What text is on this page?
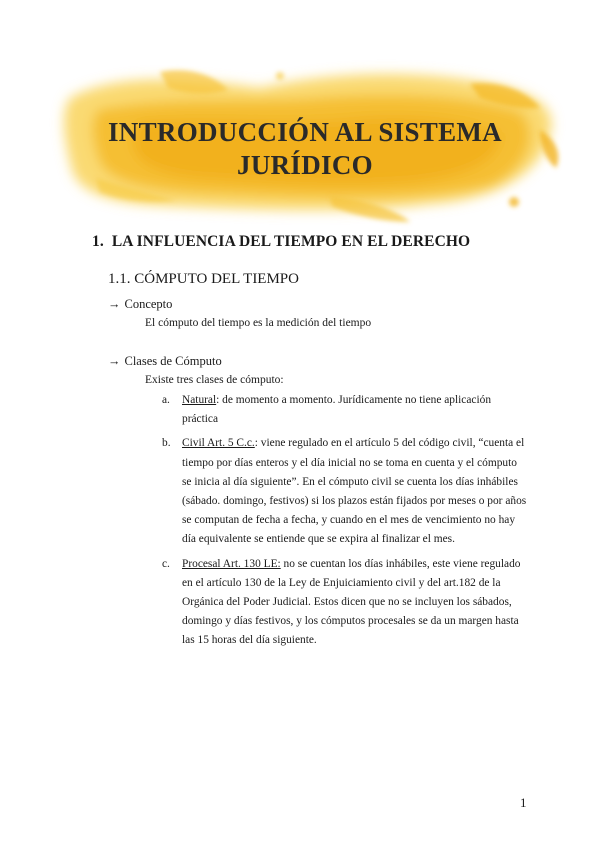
INTRODUCCIÓN AL SISTEMA
JURÍDICO
1. LA INFLUENCIA DEL TIEMPO EN EL DERECHO
1.1. CÓMPUTO DEL TIEMPO
→ Concepto
El cómputo del tiempo es la medición del tiempo
→ Clases de Cómputo
Existe tres clases de cómputo:
a. Natural: de momento a momento. Jurídicamente no tiene aplicación práctica
b. Civil Art. 5 C.c.: viene regulado en el artículo 5 del código civil, “cuenta el tiempo por días enteros y el día inicial no se toma en cuenta y el cómputo se inicia al día siguiente”. En el cómputo civil se cuenta los días inhábiles (sábado. domingo, festivos) si los plazos están fijados por meses o por años se computan de fecha a fecha, y cuando en el mes de vencimiento no hay día equivalente se entiende que se expira al finalizar el mes.
c. Procesal Art. 130 LE: no se cuentan los días inhábiles, este viene regulado en el artículo 130 de la Ley de Enjuiciamiento civil y del art.182 de la Orgánica del Poder Judicial. Estos dicen que no se incluyen los sábados, domingo y días festivos, y los cómputos procesales se da un margen hasta las 15 horas del día siguiente.
1
